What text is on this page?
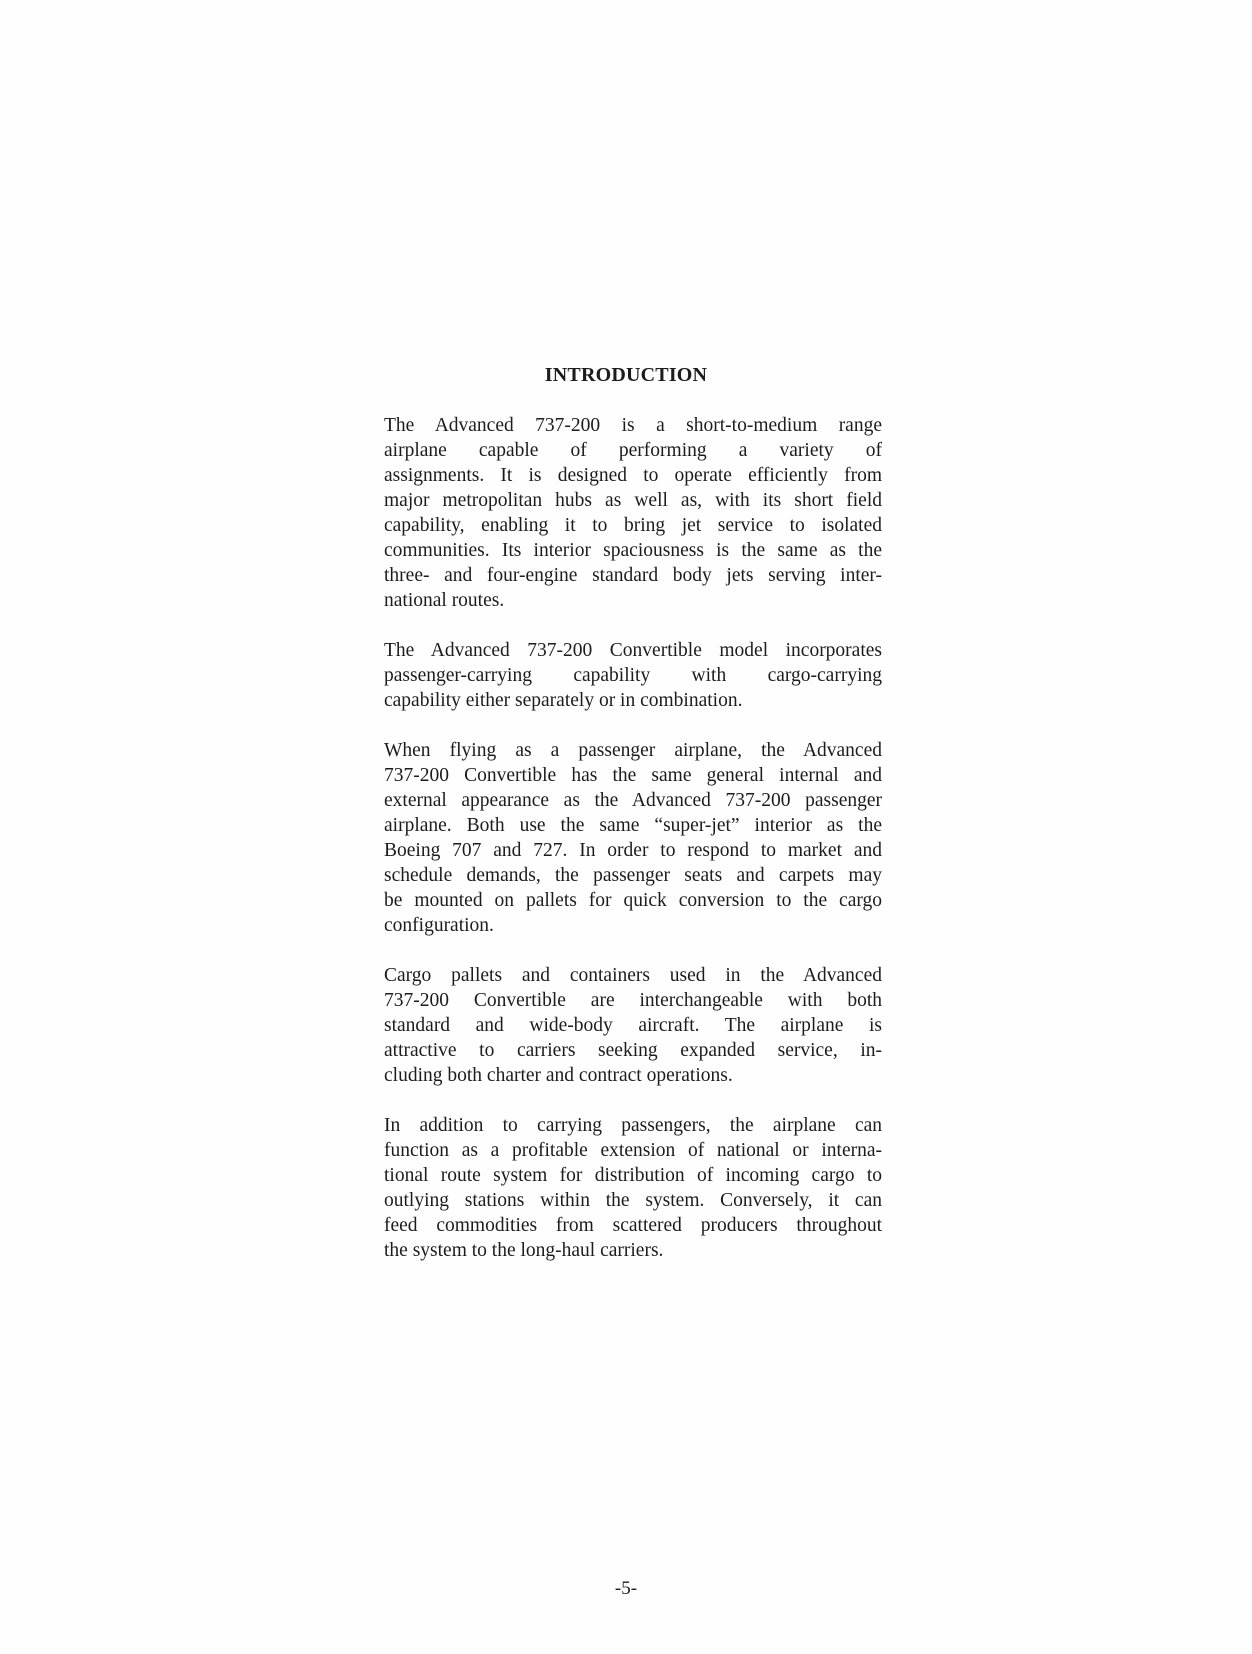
INTRODUCTION
The Advanced 737-200 is a short-to-medium range
airplane capable of performing a variety of
assignments. It is designed to operate efficiently from
major metropolitan hubs as well as, with its short field
capability, enabling it to bring jet service to isolated
communities. Its interior spaciousness is the same as the
three- and four-engine standard body jets serving inter-
national routes.
The Advanced 737-200 Convertible model incorporates
passenger-carrying capability with cargo-carrying
capability either separately or in combination.
When flying as a passenger airplane, the Advanced
737-200 Convertible has the same general internal and
external appearance as the Advanced 737-200 passenger
airplane. Both use the same “super-jet” interior as the
Boeing 707 and 727. In order to respond to market and
schedule demands, the passenger seats and carpets may
be mounted on pallets for quick conversion to the cargo
configuration.
Cargo pallets and containers used in the Advanced
737-200 Convertible are interchangeable with both
standard and wide-body aircraft. The airplane is
attractive to carriers seeking expanded service, in-
cluding both charter and contract operations.
In addition to carrying passengers, the airplane can
function as a profitable extension of national or interna-
tional route system for distribution of incoming cargo to
outlying stations within the system. Conversely, it can
feed commodities from scattered producers throughout
the system to the long-haul carriers.
-5-
